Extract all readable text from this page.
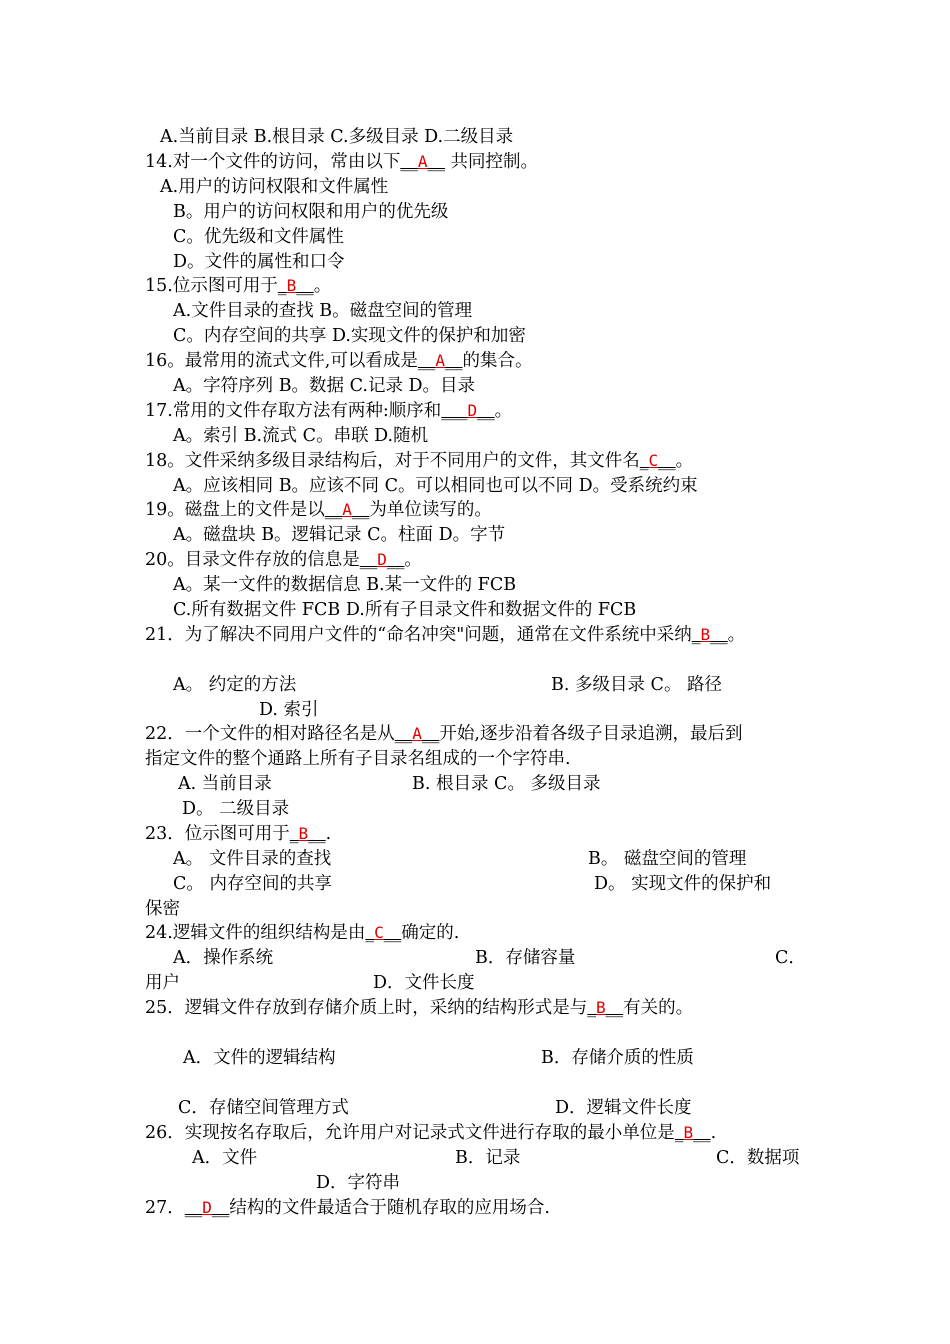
A.当前目录 B.根目录 C.多级目录 D.二级目录
14.对一个文件的访问，常由以下__A__ 共同控制。
A.用户的访问权限和文件属性
B。用户的访问权限和用户的优先级
C。优先级和文件属性
D。文件的属性和口令
15.位示图可用于_B__。
A.文件目录的查找 B。磁盘空间的管理
C。内存空间的共享 D.实现文件的保护和加密
16。最常用的流式文件,可以看成是__A__的集合。
A。字符序列 B。数据 C.记录 D。目录
17.常用的文件存取方法有两种:顺序和___D__。
A。索引 B.流式 C。串联 D.随机
18。文件采纳多级目录结构后，对于不同用户的文件，其文件名_C__。
A。应该相同 B。应该不同 C。可以相同也可以不同 D。受系统约束
19。磁盘上的文件是以__A__为单位读写的。
A。磁盘块 B。逻辑记录 C。柱面 D。字节
20。目录文件存放的信息是__D__。
A。某一文件的数据信息 B.某一文件的 FCB
C.所有数据文件 FCB D.所有子目录文件和数据文件的 FCB
21．为了解决不同用户文件的“命名冲突"问题，通常在文件系统中采纳_B__。
A。 约定的方法	B. 多级目录 C。 路径
D. 索引
22．一个文件的相对路径名是从__A__开始,逐步沿着各级子目录追溯，最后到
指定文件的整个通路上所有子目录名组成的一个字符串.
A. 当前目录	B. 根目录 C。 多级目录
D。 二级目录
23．位示图可用于_B__.
A。 文件目录的查找	B。 磁盘空间的管理
C。 内存空间的共享	D。 实现文件的保护和
保密
24.逻辑文件的组织结构是由_C__确定的.
A．操作系统	B．存储容量	C．
用户	D．文件长度
25．逻辑文件存放到存储介质上时，采纳的结构形式是与_B__有关的。
A．文件的逻辑结构	B．存储介质的性质
C．存储空间管理方式	D．逻辑文件长度
26．实现按名存取后，允许用户对记录式文件进行存取的最小单位是_B__.
A．文件	B．记录	C．数据项
D．字符串
27．__D__结构的文件最适合于随机存取的应用场合.
